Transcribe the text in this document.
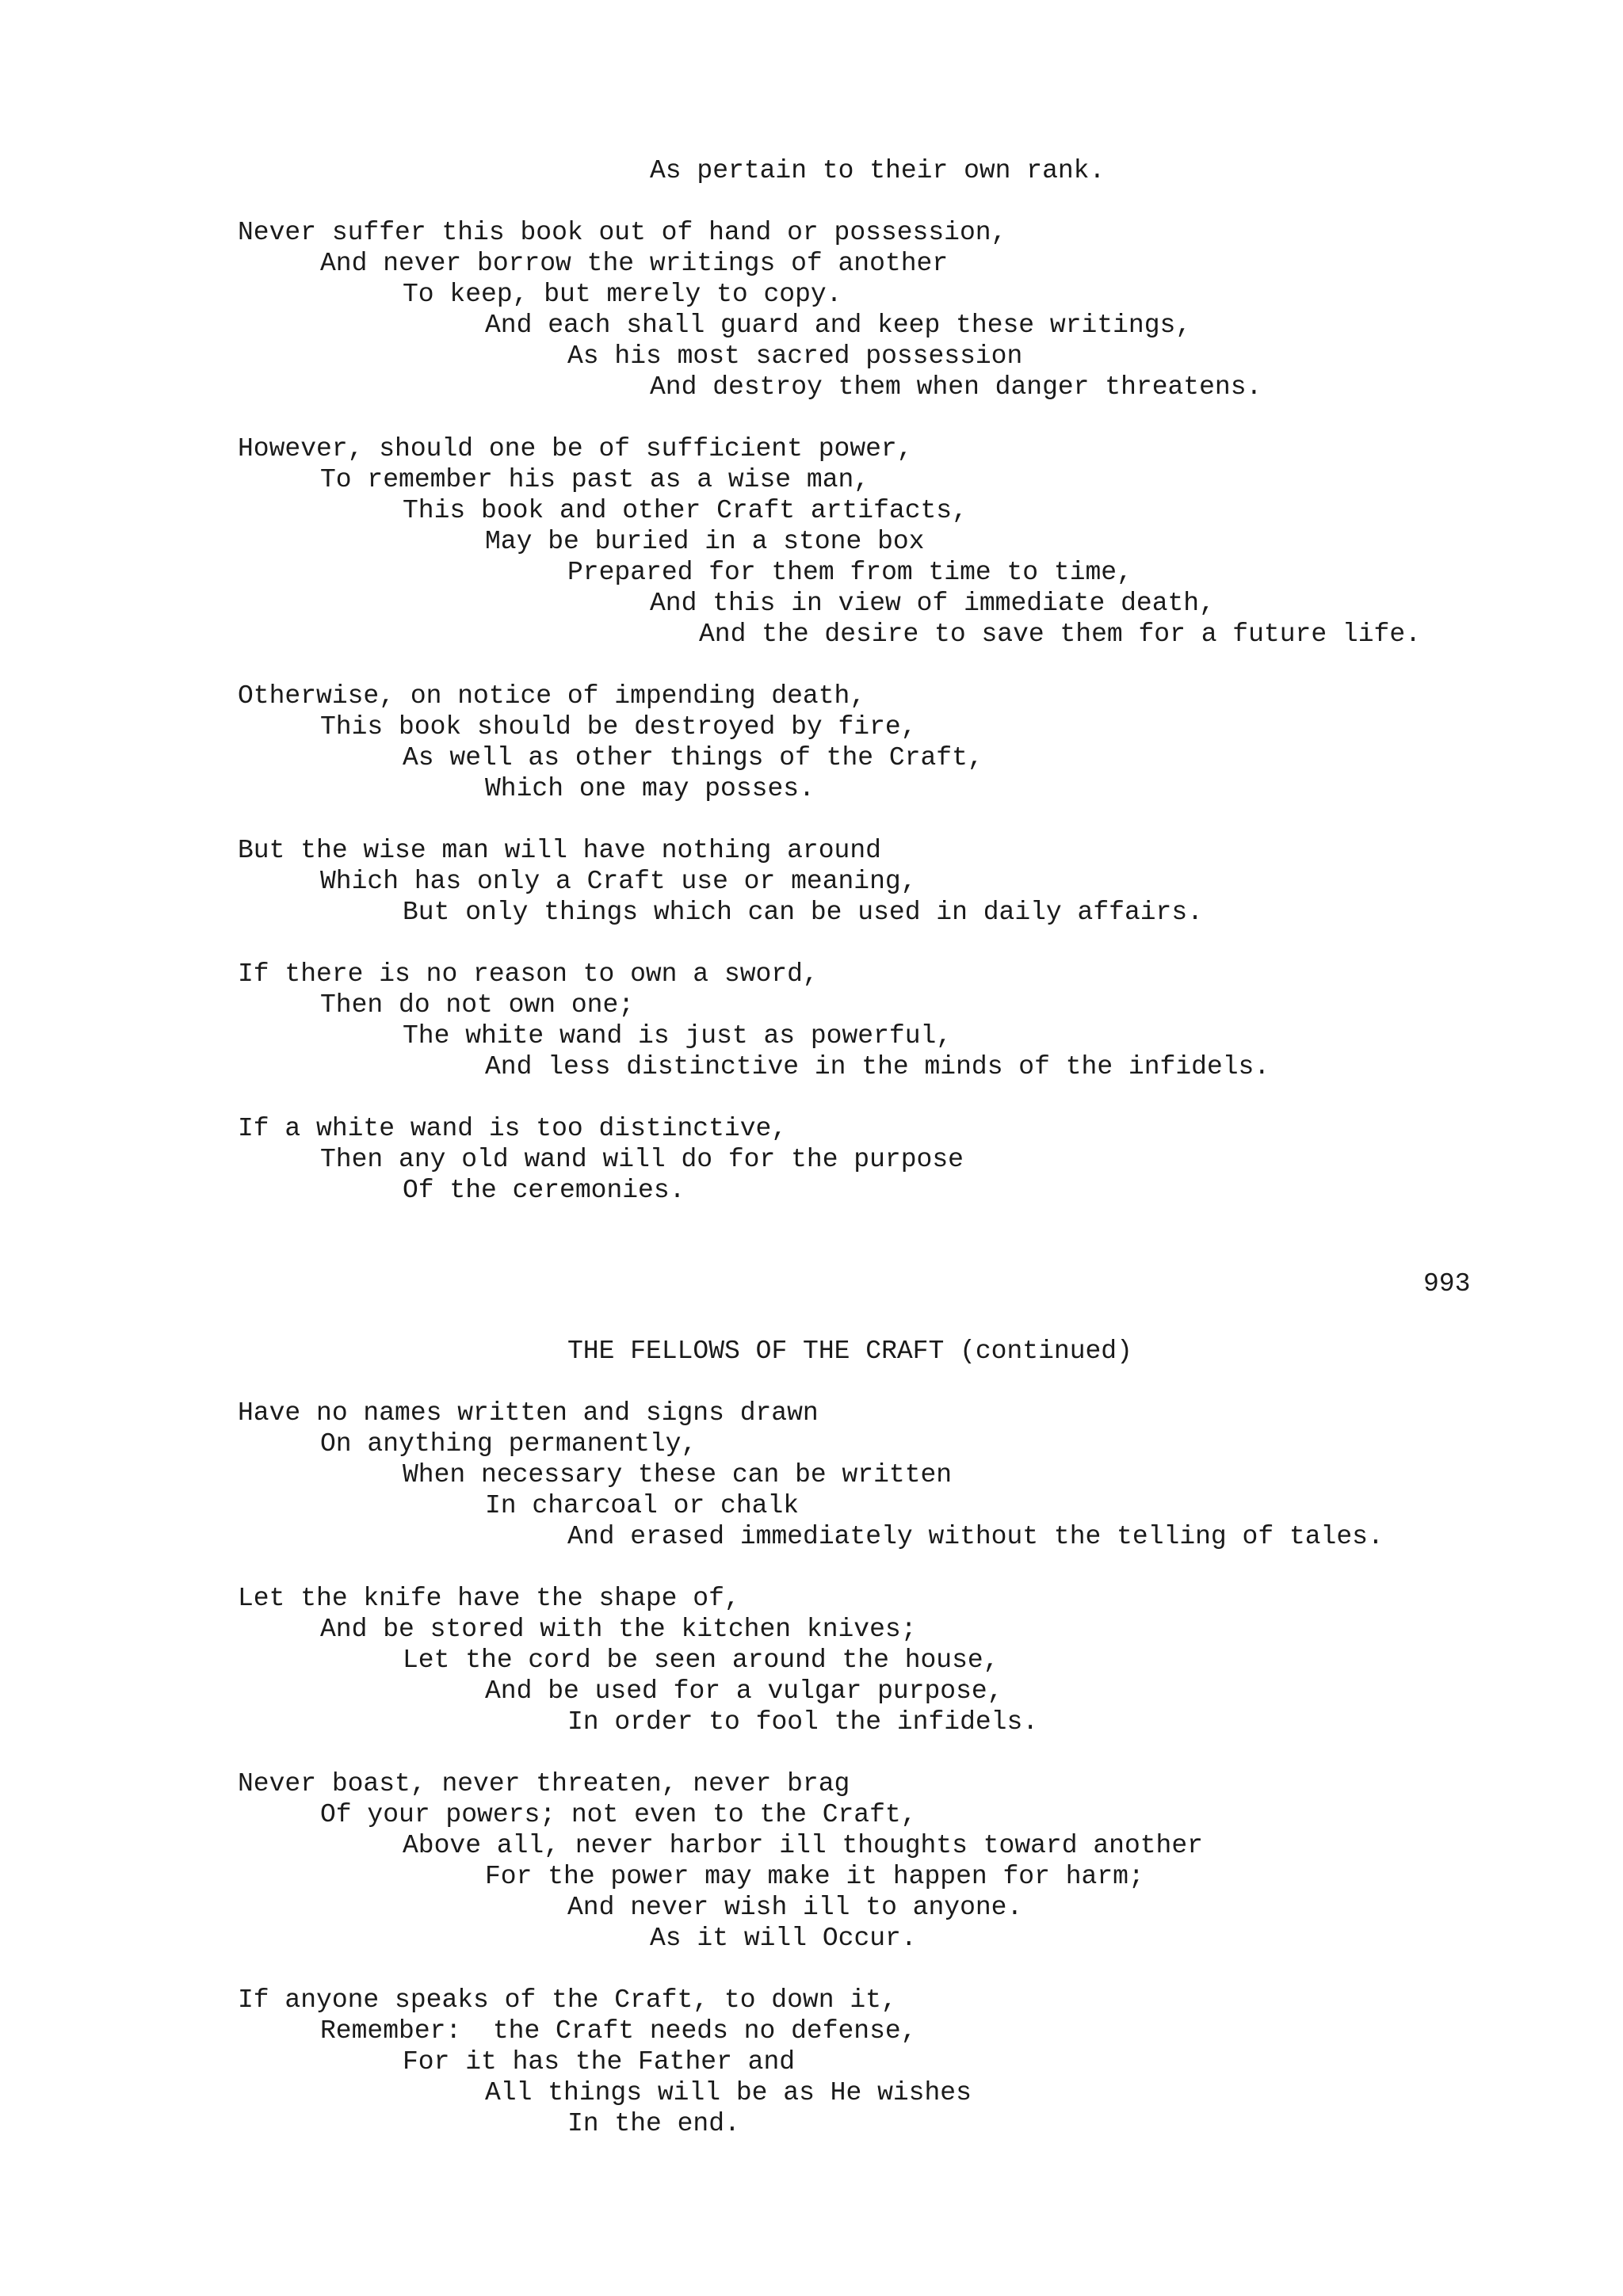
As pertain to their own rank.

Never suffer this book out of hand or possession,

And never borrow the writings of another

To keep, but merely to copy.

And each shall guard and keep these writings,

As his most sacred possession

And destroy them when danger threatens.

However, should one be of sufficient power,

To remember his past as a wise man,

This book and other Craft artifacts,

May be buried in a stone box

Prepared for them from time to time,

And this in view of immediate death,

And the desire to save them for a future life.

Otherwise, on notice of impending death,

This book should be destroyed by fire,

As well as other things of the Craft,

Which one may posses.

But the wise man will have nothing around

Which has only a Craft use or meaning,

But only things which can be used in daily affairs.

If there is no reason to own a sword,

Then do not own one;

The white wand is just as powerful,

And less distinctive in the minds of the infidels.

If a white wand is too distinctive,

Then any old wand will do for the purpose

Of the ceremonies.

993

THE FELLOWS OF THE CRAFT (continued)

Have no names written and signs drawn

On anything permanently,

When necessary these can be written

In charcoal or chalk

And erased immediately without the telling of tales.

Let the knife have the shape of,

And be stored with the kitchen knives;

Let the cord be seen around the house,

And be used for a vulgar purpose,

In order to fool the infidels.

Never boast, never threaten, never brag

Of your powers; not even to the Craft,

Above all, never harbor ill thoughts toward another

For the power may make it happen for harm;

And never wish ill to anyone.

As it will Occur.

If anyone speaks of the Craft, to down it,

Remember:  the Craft needs no defense,

For it has the Father and

All things will be as He wishes

In the end.
